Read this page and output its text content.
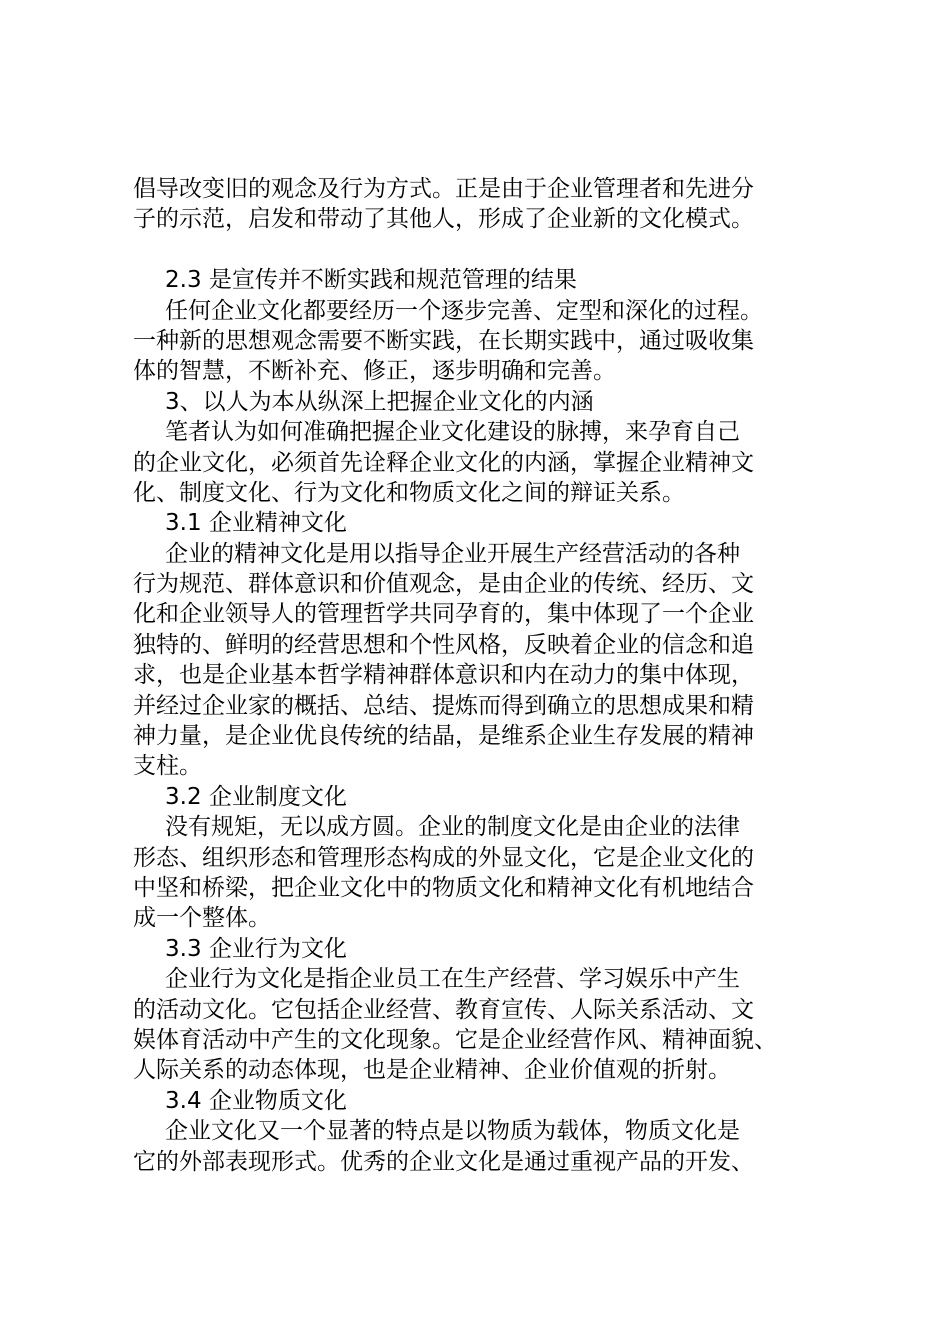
倡导改变旧的观念及行为方式。正是由于企业管理者和先进分
子的示范，启发和带动了其他人，形成了企业新的文化模式。
2.3 是宣传并不断实践和规范管理的结果
任何企业文化都要经历一个逐步完善、定型和深化的过程。
一种新的思想观念需要不断实践，在长期实践中，通过吸收集
体的智慧，不断补充、修正，逐步明确和完善。
3、以人为本从纵深上把握企业文化的内涵
笔者认为如何准确把握企业文化建设的脉搏，来孕育自己
的企业文化，必须首先诠释企业文化的内涵，掌握企业精神文
化、制度文化、行为文化和物质文化之间的辩证关系。
3.1 企业精神文化
企业的精神文化是用以指导企业开展生产经营活动的各种
行为规范、群体意识和价值观念，是由企业的传统、经历、文
化和企业领导人的管理哲学共同孕育的，集中体现了一个企业
独特的、鲜明的经营思想和个性风格，反映着企业的信念和追
求，也是企业基本哲学精神群体意识和内在动力的集中体现，
并经过企业家的概括、总结、提炼而得到确立的思想成果和精
神力量，是企业优良传统的结晶，是维系企业生存发展的精神
支柱。
3.2 企业制度文化
没有规矩，无以成方圆。企业的制度文化是由企业的法律
形态、组织形态和管理形态构成的外显文化，它是企业文化的
中坚和桥梁，把企业文化中的物质文化和精神文化有机地结合
成一个整体。
3.3 企业行为文化
企业行为文化是指企业员工在生产经营、学习娱乐中产生
的活动文化。它包括企业经营、教育宣传、人际关系活动、文
娱体育活动中产生的文化现象。它是企业经营作风、精神面貌、
人际关系的动态体现，也是企业精神、企业价值观的折射。
3.4 企业物质文化
企业文化又一个显著的特点是以物质为载体，物质文化是
它的外部表现形式。优秀的企业文化是通过重视产品的开发、
